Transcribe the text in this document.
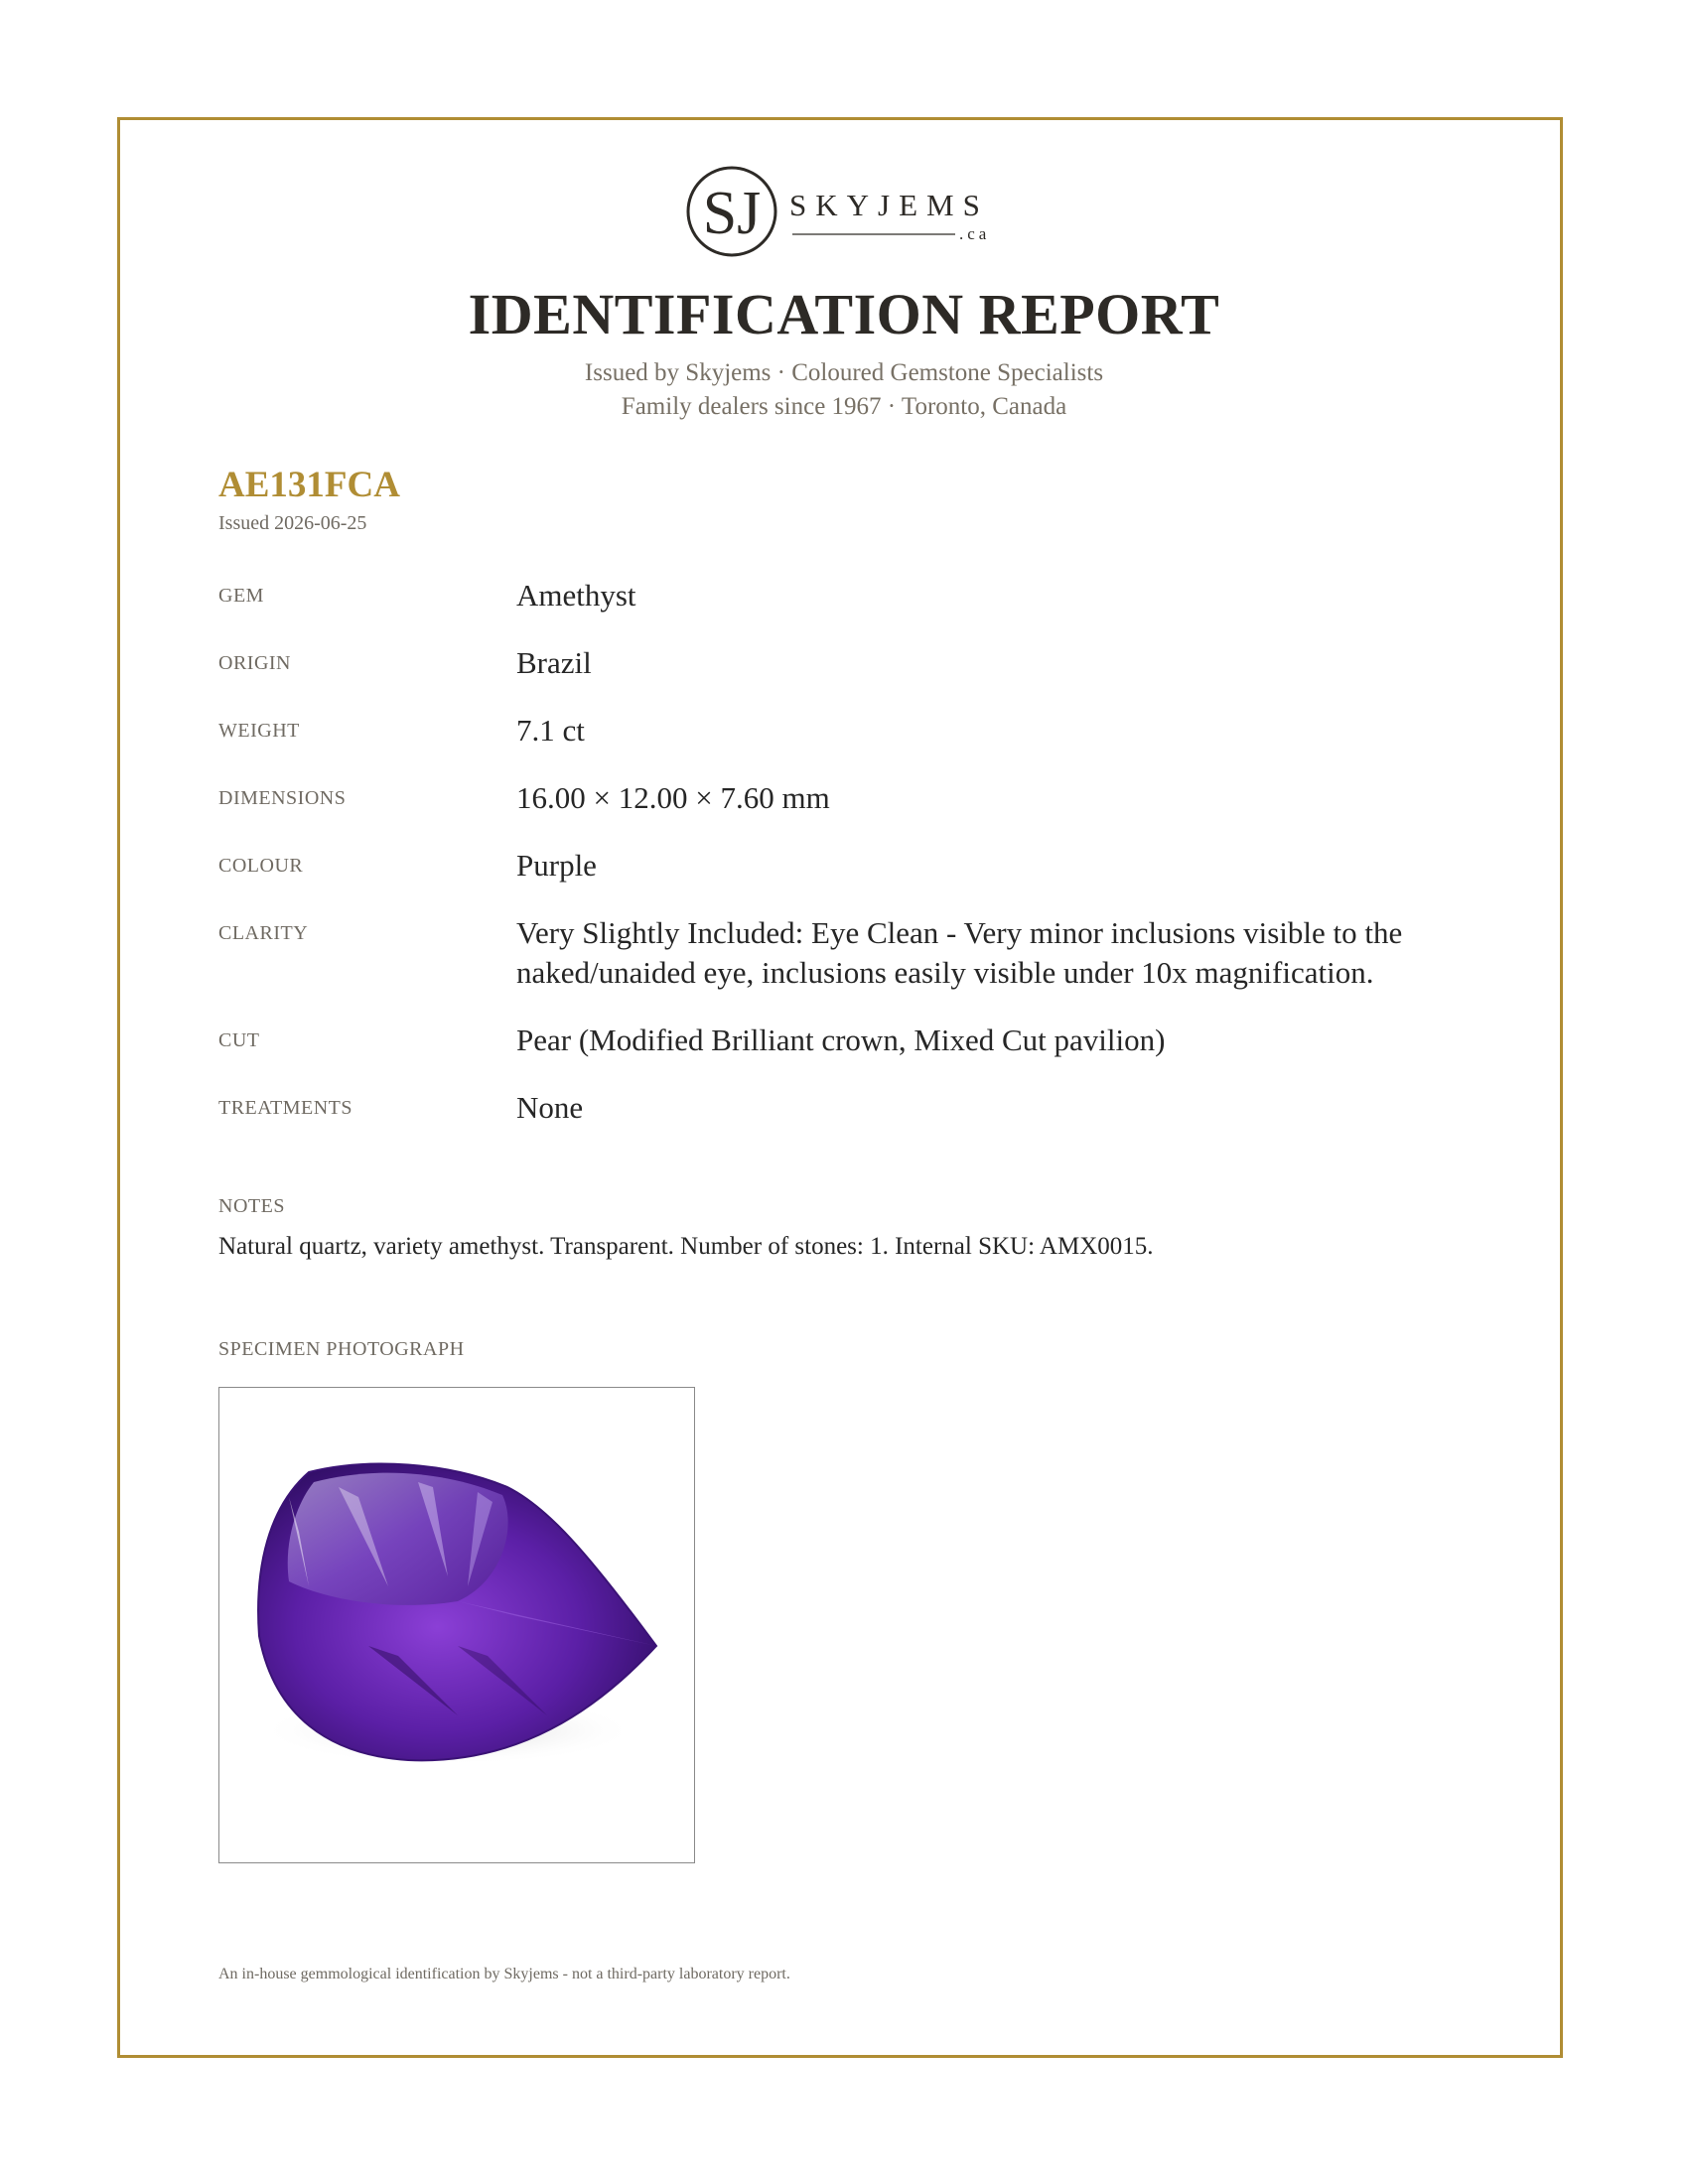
SJ SKYJEMS
.ca
IDENTIFICATION REPORT
Issued by Skyjems · Coloured Gemstone Specialists
Family dealers since 1967 · Toronto, Canada
AE131FCA
Issued 2026-06-25
GEM	Amethyst
ORIGIN	Brazil
WEIGHT	7.1 ct
DIMENSIONS	16.00 × 12.00 × 7.60 mm
COLOUR	Purple
CLARITY	Very Slightly Included: Eye Clean - Very minor inclusions visible to the naked/unaided eye, inclusions easily visible under 10x magnification.
CUT	Pear (Modified Brilliant crown, Mixed Cut pavilion)
TREATMENTS	None
NOTES
Natural quartz, variety amethyst. Transparent. Number of stones: 1. Internal SKU: AMX0015.
SPECIMEN PHOTOGRAPH
An in-house gemmological identification by Skyjems - not a third-party laboratory report.
